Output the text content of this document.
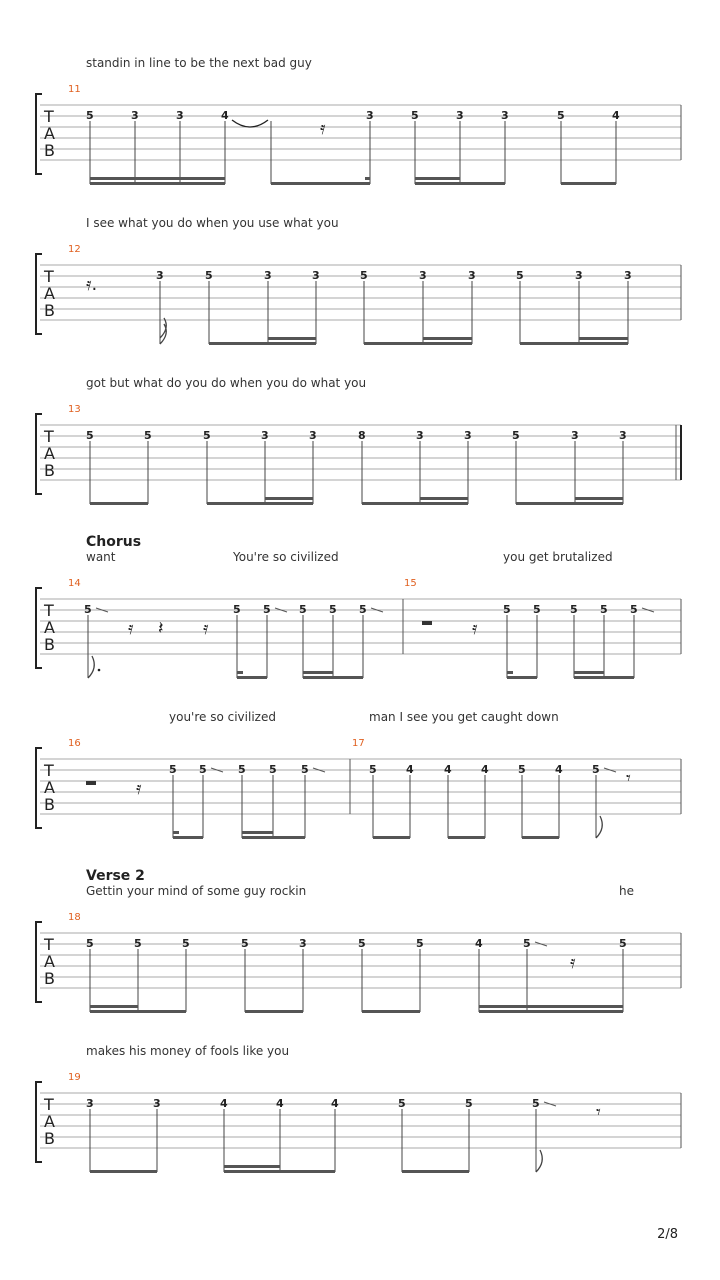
standin in line to be the next bad guy
11
T
A
B
𝄿
5	3	3	4	3	5	3	3	5	4
I see what you do when you use what you
12
T
A
B
𝄿.	3	5	3	3	5	3	3	5	3	3
got but what do you do when you do what you
13
T
A
B
5	5	5	3	3	8	3	3	5	3	3
Chorus
want	You're so civilized	you get brutalized
14	15
T
A
B
𝄿 𝄽 𝄿	𝄿
5	5 5	5 5 5	5 5	5 5 5
you're so civilized	man I see you get caught down
16	17
T
A
B
𝄿	𝄾
5 5	5 5 5	5	4	4	4	5	4	5
Verse 2
Gettin your mind of some guy rockin	he
18
T
A
B
𝄿
5	5	5	5	3	5	5	4	5	5
makes his money of fools like you
19
T
A
B
𝄾
3	3	4	4	4	5	5	5
2/8
